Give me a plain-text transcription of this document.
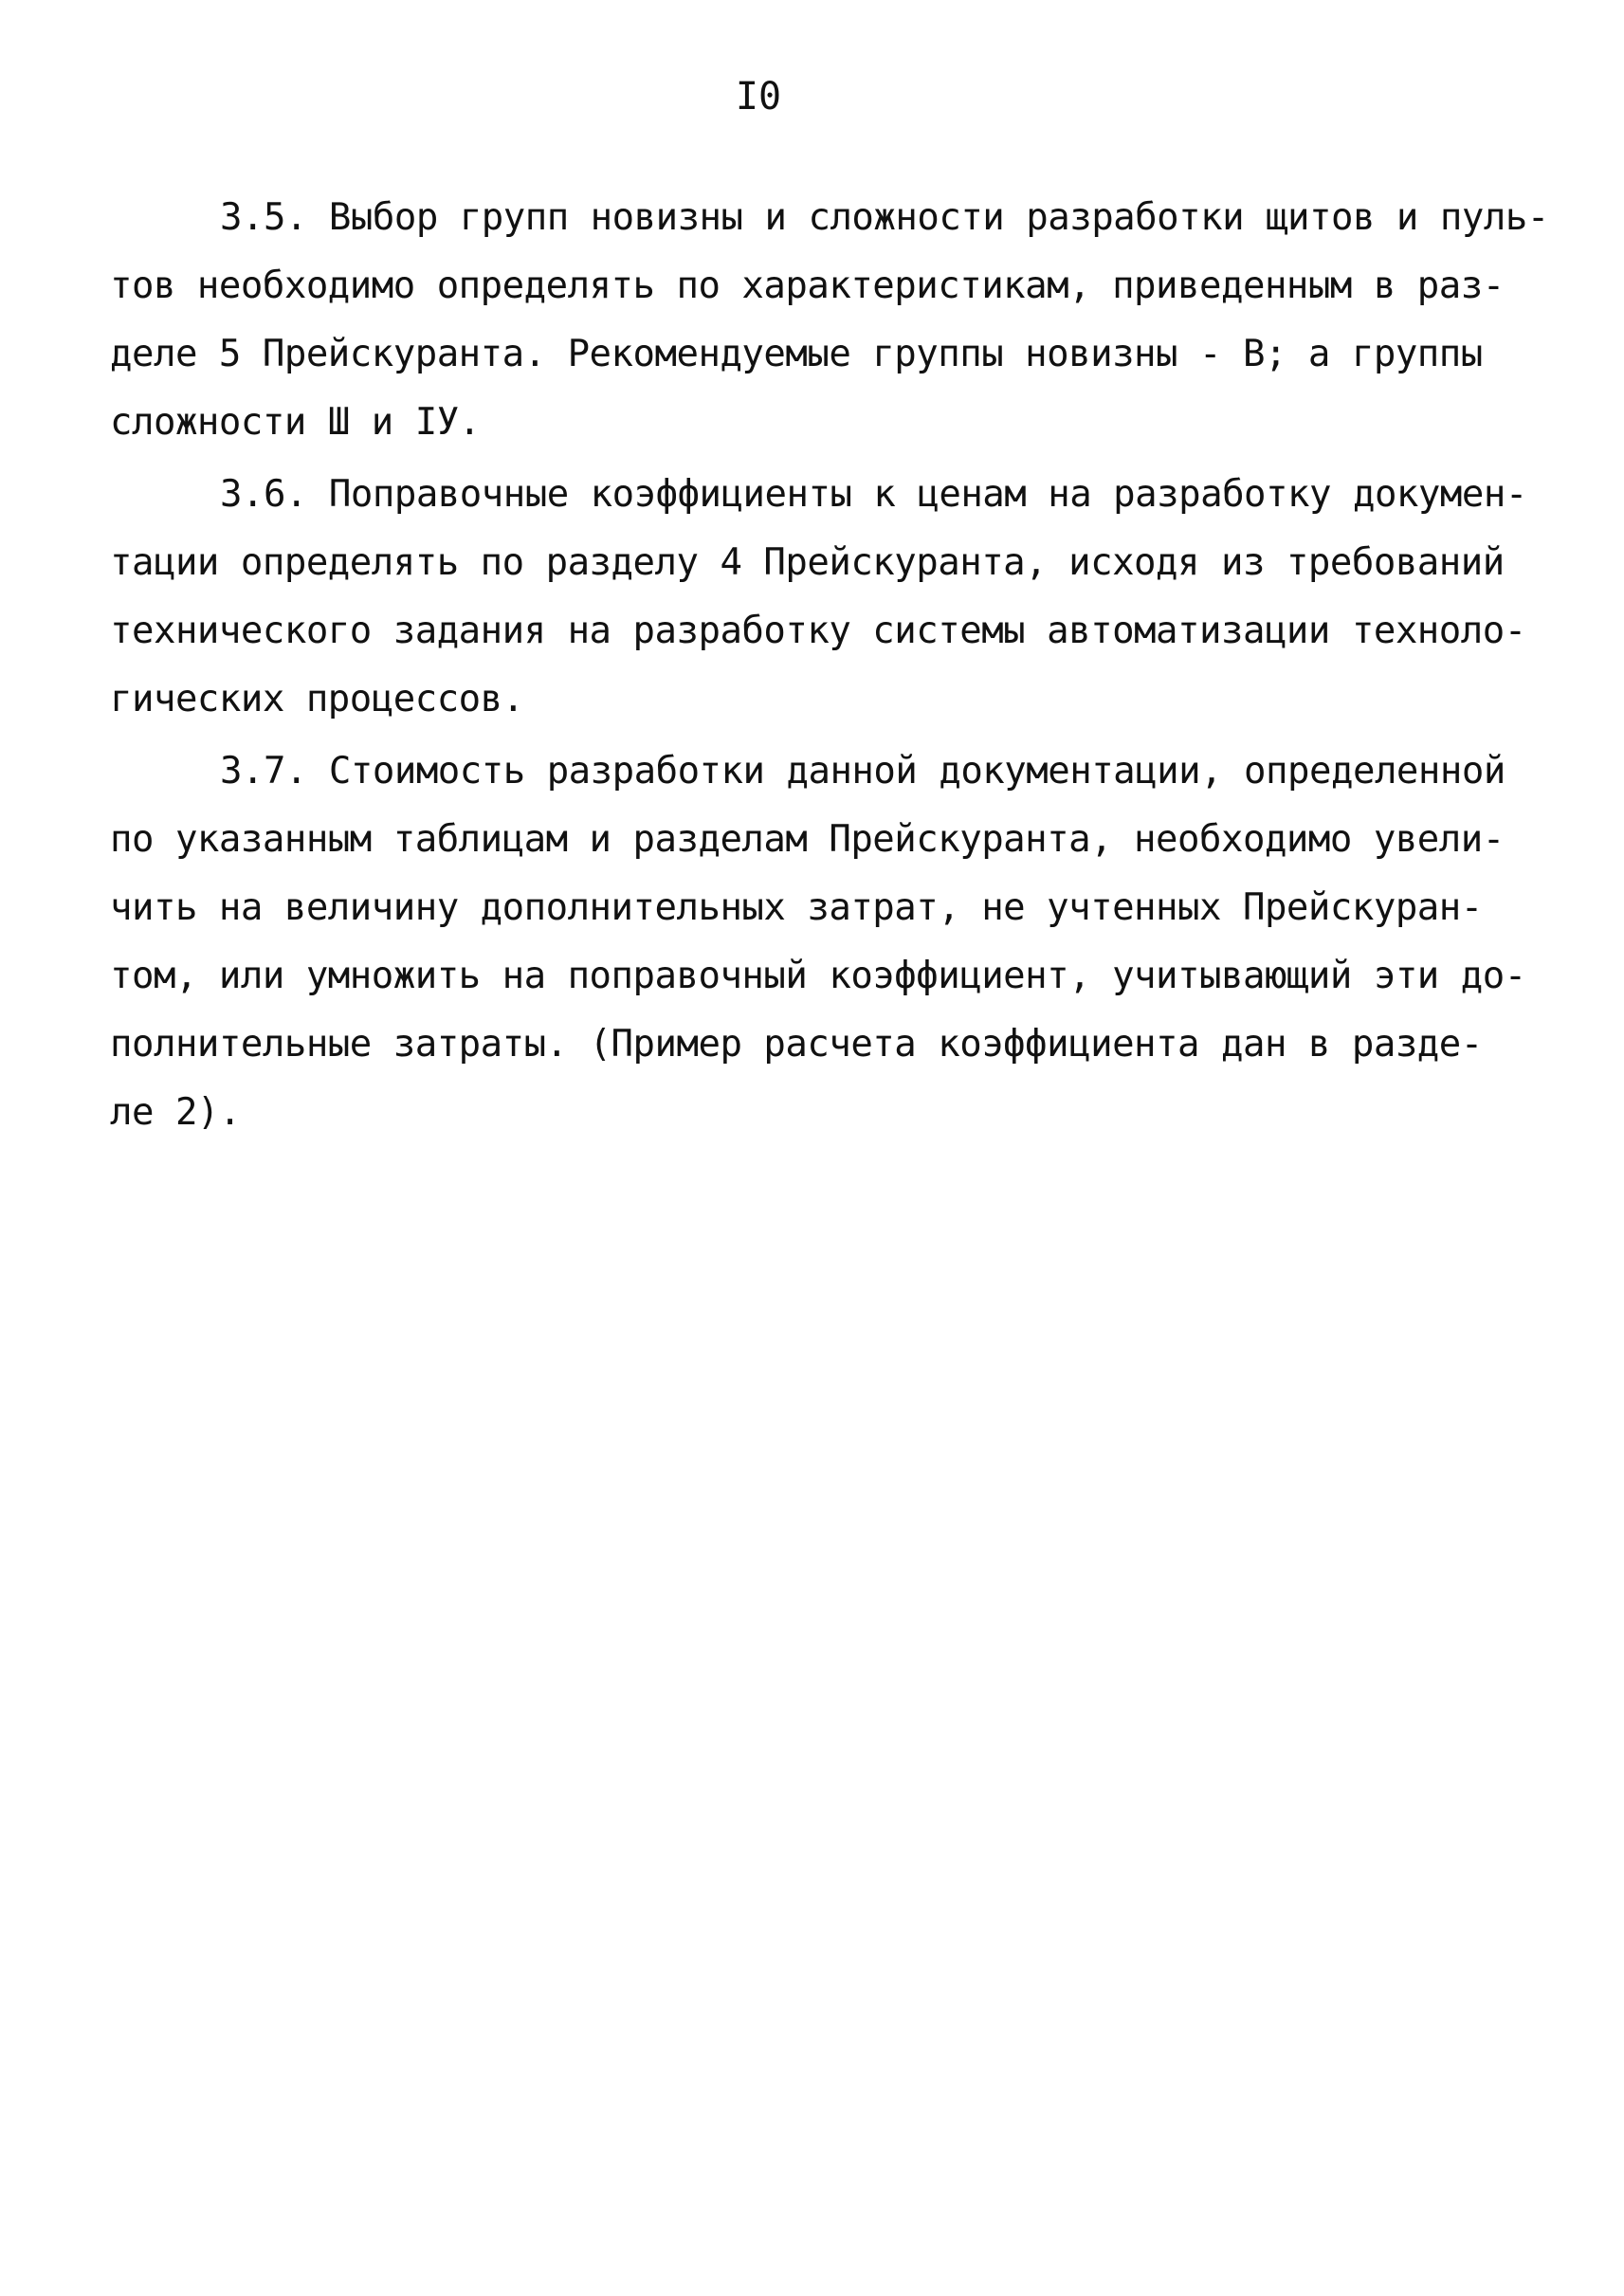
I0
3.5. Выбор групп новизны и сложности разработки щитов и пуль-
тов необходимо определять по характеристикам, приведенным в раз-
деле 5 Прейскуранта. Рекомендуемые группы новизны - В; а группы
сложности Ш и IУ.
3.6. Поправочные коэффициенты к ценам на разработку докумен-
тации определять по разделу 4 Прейскуранта, исходя из требований
технического задания на разработку системы автоматизации техноло-
гических процессов.
3.7. Стоимость разработки данной документации, определенной
по указанным таблицам и разделам Прейскуранта, необходимо увели-
чить на величину дополнительных затрат, не учтенных Прейскуран-
том, или умножить на поправочный коэффициент, учитывающий эти до-
полнительные затраты. (Пример расчета коэффициента дан в разде-
ле 2).
